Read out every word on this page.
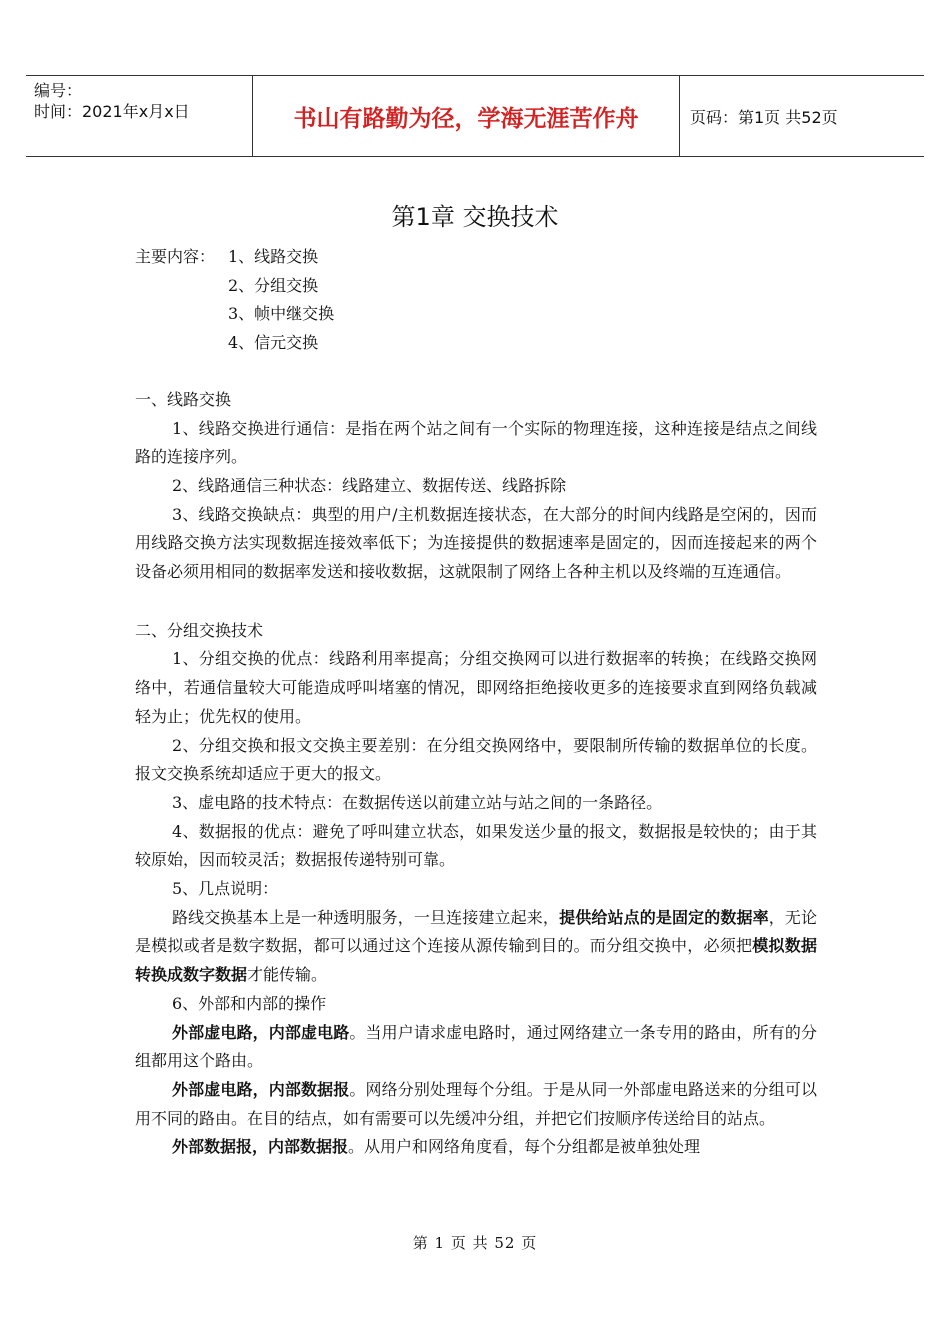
编号：
时间：2021年x月x日	书山有路勤为径，学海无涯苦作舟	页码：第1页 共52页
第1章 交换技术
主要内容： 1、线路交换

2、分组交换

3、帧中继交换

4、信元交换

一、线路交换

1、线路交换进行通信：是指在两个站之间有一个实际的物理连接，这种连接是结点之间线路的连接序列。

2、线路通信三种状态：线路建立、数据传送、线路拆除

3、线路交换缺点：典型的用户/主机数据连接状态，在大部分的时间内线路是空闲的，因而用线路交换方法实现数据连接效率低下；为连接提供的数据速率是固定的，因而连接起来的两个设备必须用相同的数据率发送和接收数据，这就限制了网络上各种主机以及终端的互连通信。

二、分组交换技术

1、分组交换的优点：线路利用率提高；分组交换网可以进行数据率的转换；在线路交换网络中，若通信量较大可能造成呼叫堵塞的情况，即网络拒绝接收更多的连接要求直到网络负载减轻为止；优先权的使用。

2、分组交换和报文交换主要差别：在分组交换网络中，要限制所传输的数据单位的长度。报文交换系统却适应于更大的报文。

3、虚电路的技术特点：在数据传送以前建立站与站之间的一条路径。

4、数据报的优点：避免了呼叫建立状态，如果发送少量的报文，数据报是较快的；由于其较原始，因而较灵活；数据报传递特别可靠。

5、几点说明：

路线交换基本上是一种透明服务，一旦连接建立起来，提供给站点的是固定的数据率，无论是模拟或者是数字数据，都可以通过这个连接从源传输到目的。而分组交换中，必须把模拟数据转换成数字数据才能传输。

6、外部和内部的操作

外部虚电路，内部虚电路。当用户请求虚电路时，通过网络建立一条专用的路由，所有的分组都用这个路由。

外部虚电路，内部数据报。网络分别处理每个分组。于是从同一外部虚电路送来的分组可以用不同的路由。在目的结点，如有需要可以先缓冲分组，并把它们按顺序传送给目的站点。

外部数据报，内部数据报。从用户和网络角度看，每个分组都是被单独处理

第 1 页 共 52 页
